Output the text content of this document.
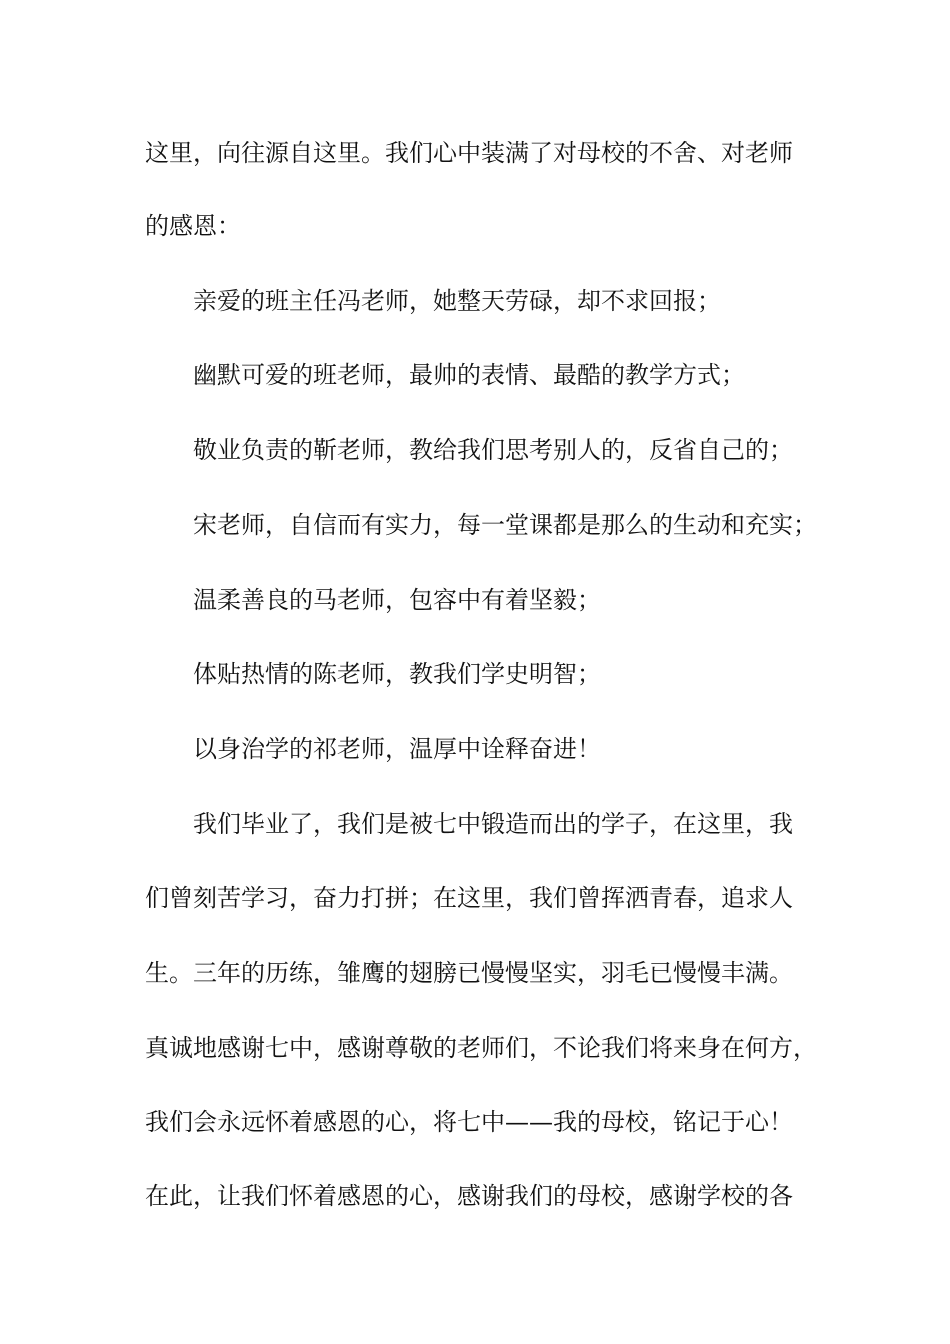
这里，向往源自这里。我们心中装满了对母校的不舍、对老师
的感恩：
亲爱的班主任冯老师，她整天劳碌，却不求回报；
幽默可爱的班老师，最帅的表情、最酷的教学方式；
敬业负责的靳老师，教给我们思考别人的，反省自己的；
宋老师，自信而有实力，每一堂课都是那么的生动和充实；
温柔善良的马老师，包容中有着坚毅；
体贴热情的陈老师，教我们学史明智；
以身治学的祁老师，温厚中诠释奋进！
我们毕业了，我们是被七中锻造而出的学子，在这里，我
们曾刻苦学习，奋力打拼；在这里，我们曾挥洒青春，追求人
生。三年的历练，雏鹰的翅膀已慢慢坚实，羽毛已慢慢丰满。
真诚地感谢七中，感谢尊敬的老师们，不论我们将来身在何方，
我们会永远怀着感恩的心，将七中——我的母校，铭记于心！
在此，让我们怀着感恩的心，感谢我们的母校，感谢学校的各
